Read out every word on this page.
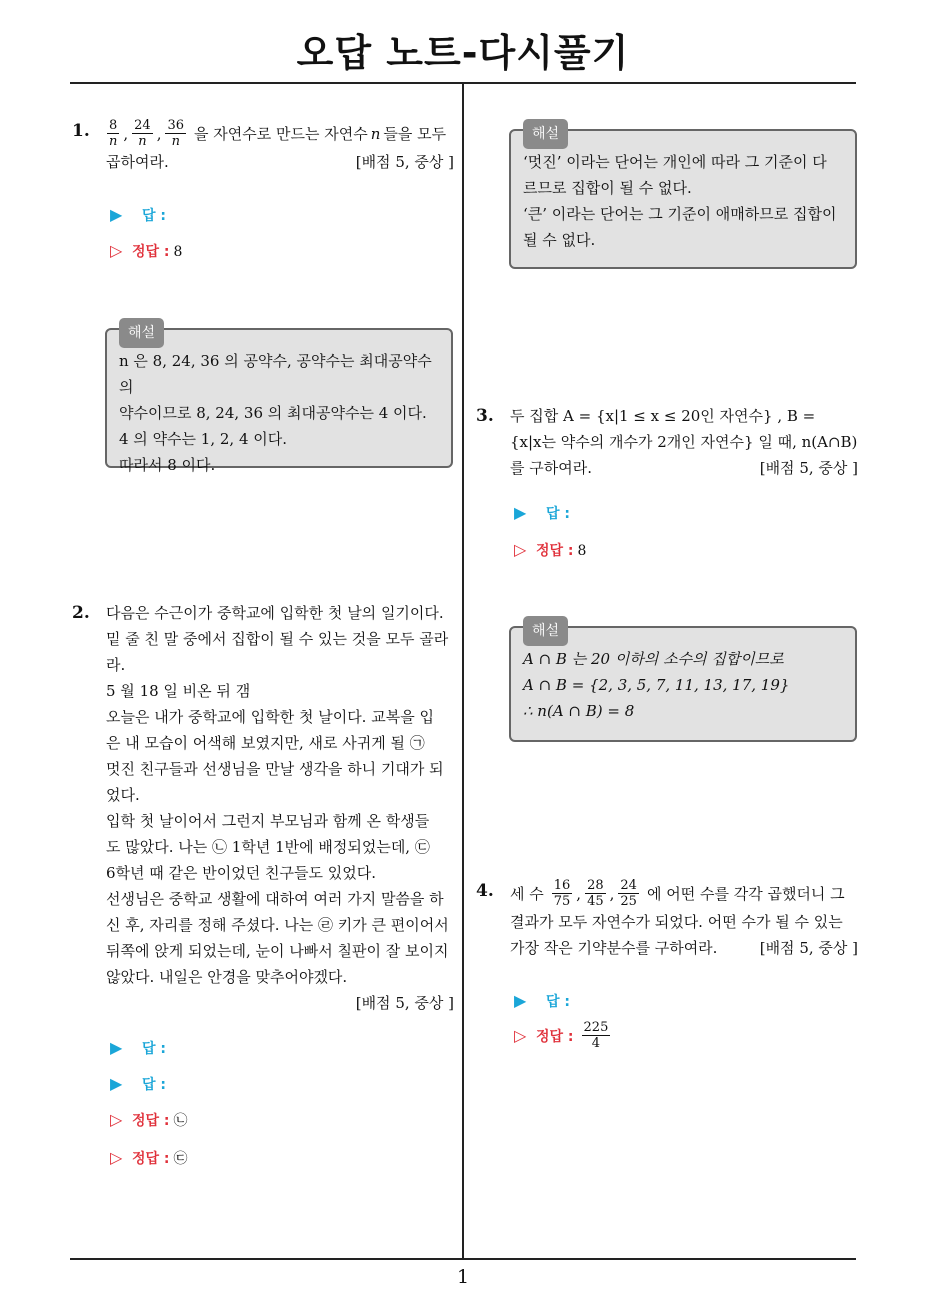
오답 노트-다시풀기
1
1. $\frac{8}{n}$ , $\frac{24}{n}$ , $\frac{36}{n}$ 을 자연수로 만드는 자연수 n 들을 모두
곱하여라.	[배점 5, 중상 ]
▶ 답 :
▷ 정답 : 8
해설
n 은 8, 24, 36 의 공약수, 공약수는 최대공약수의
약수이므로 8, 24, 36 의 최대공약수는 4 이다.
4 의 약수는 1, 2, 4 이다.
따라서 8 이다.
해설
‘멋진’ 이라는 단어는 개인에 따라 그 기준이 다
르므로 집합이 될 수 없다.
‘큰’ 이라는 단어는 그 기준이 애매하므로 집합이
될 수 없다.
2. 다음은 수근이가 중학교에 입학한 첫 날의 일기이다.
밑 줄 친 말 중에서 집합이 될 수 있는 것을 모두 골라
라.
5 월 18 일 비온 뒤 갬
오늘은 내가 중학교에 입학한 첫 날이다. 교복을 입
은 내 모습이 어색해 보였지만, 새로 사귀게 될 ㉠
멋진 친구들과 선생님을 만날 생각을 하니 기대가 되
었다.
입학 첫 날이어서 그런지 부모님과 함께 온 학생들
도 많았다. 나는 ㉡ 1학년 1반에 배정되었는데, ㉢
6학년 때 같은 반이었던 친구들도 있었다.
선생님은 중학교 생활에 대하여 여러 가지 말씀을 하
신 후, 자리를 정해 주셨다. 나는 ㉣ 키가 큰 편이어서
뒤쪽에 앉게 되었는데, 눈이 나빠서 칠판이 잘 보이지
않았다. 내일은 안경을 맞추어야겠다.
[배점 5, 중상 ]
▶ 답 :
▶ 답 :
▷ 정답 : ㉡
▷ 정답 : ㉢
3. 두 집합 A = {x|1 ≤ x ≤ 20인 자연수} , B =
{x|x는 약수의 개수가 2개인 자연수} 일 때, n(A∩B)
를 구하여라.	[배점 5, 중상 ]
▶ 답 :
▷ 정답 : 8
해설
A ∩ B 는 20 이하의 소수의 집합이므로
A ∩ B = {2, 3, 5, 7, 11, 13, 17, 19}
∴ n(A ∩ B) = 8
4. 세 수 $\frac{16}{75}$ , $\frac{28}{45}$ , $\frac{24}{25}$ 에 어떤 수를 각각 곱했더니 그
결과가 모두 자연수가 되었다. 어떤 수가 될 수 있는
가장 작은 기약분수를 구하여라.	[배점 5, 중상 ]
▶ 답 :
▷ 정답 : $\frac{225}{4}$
